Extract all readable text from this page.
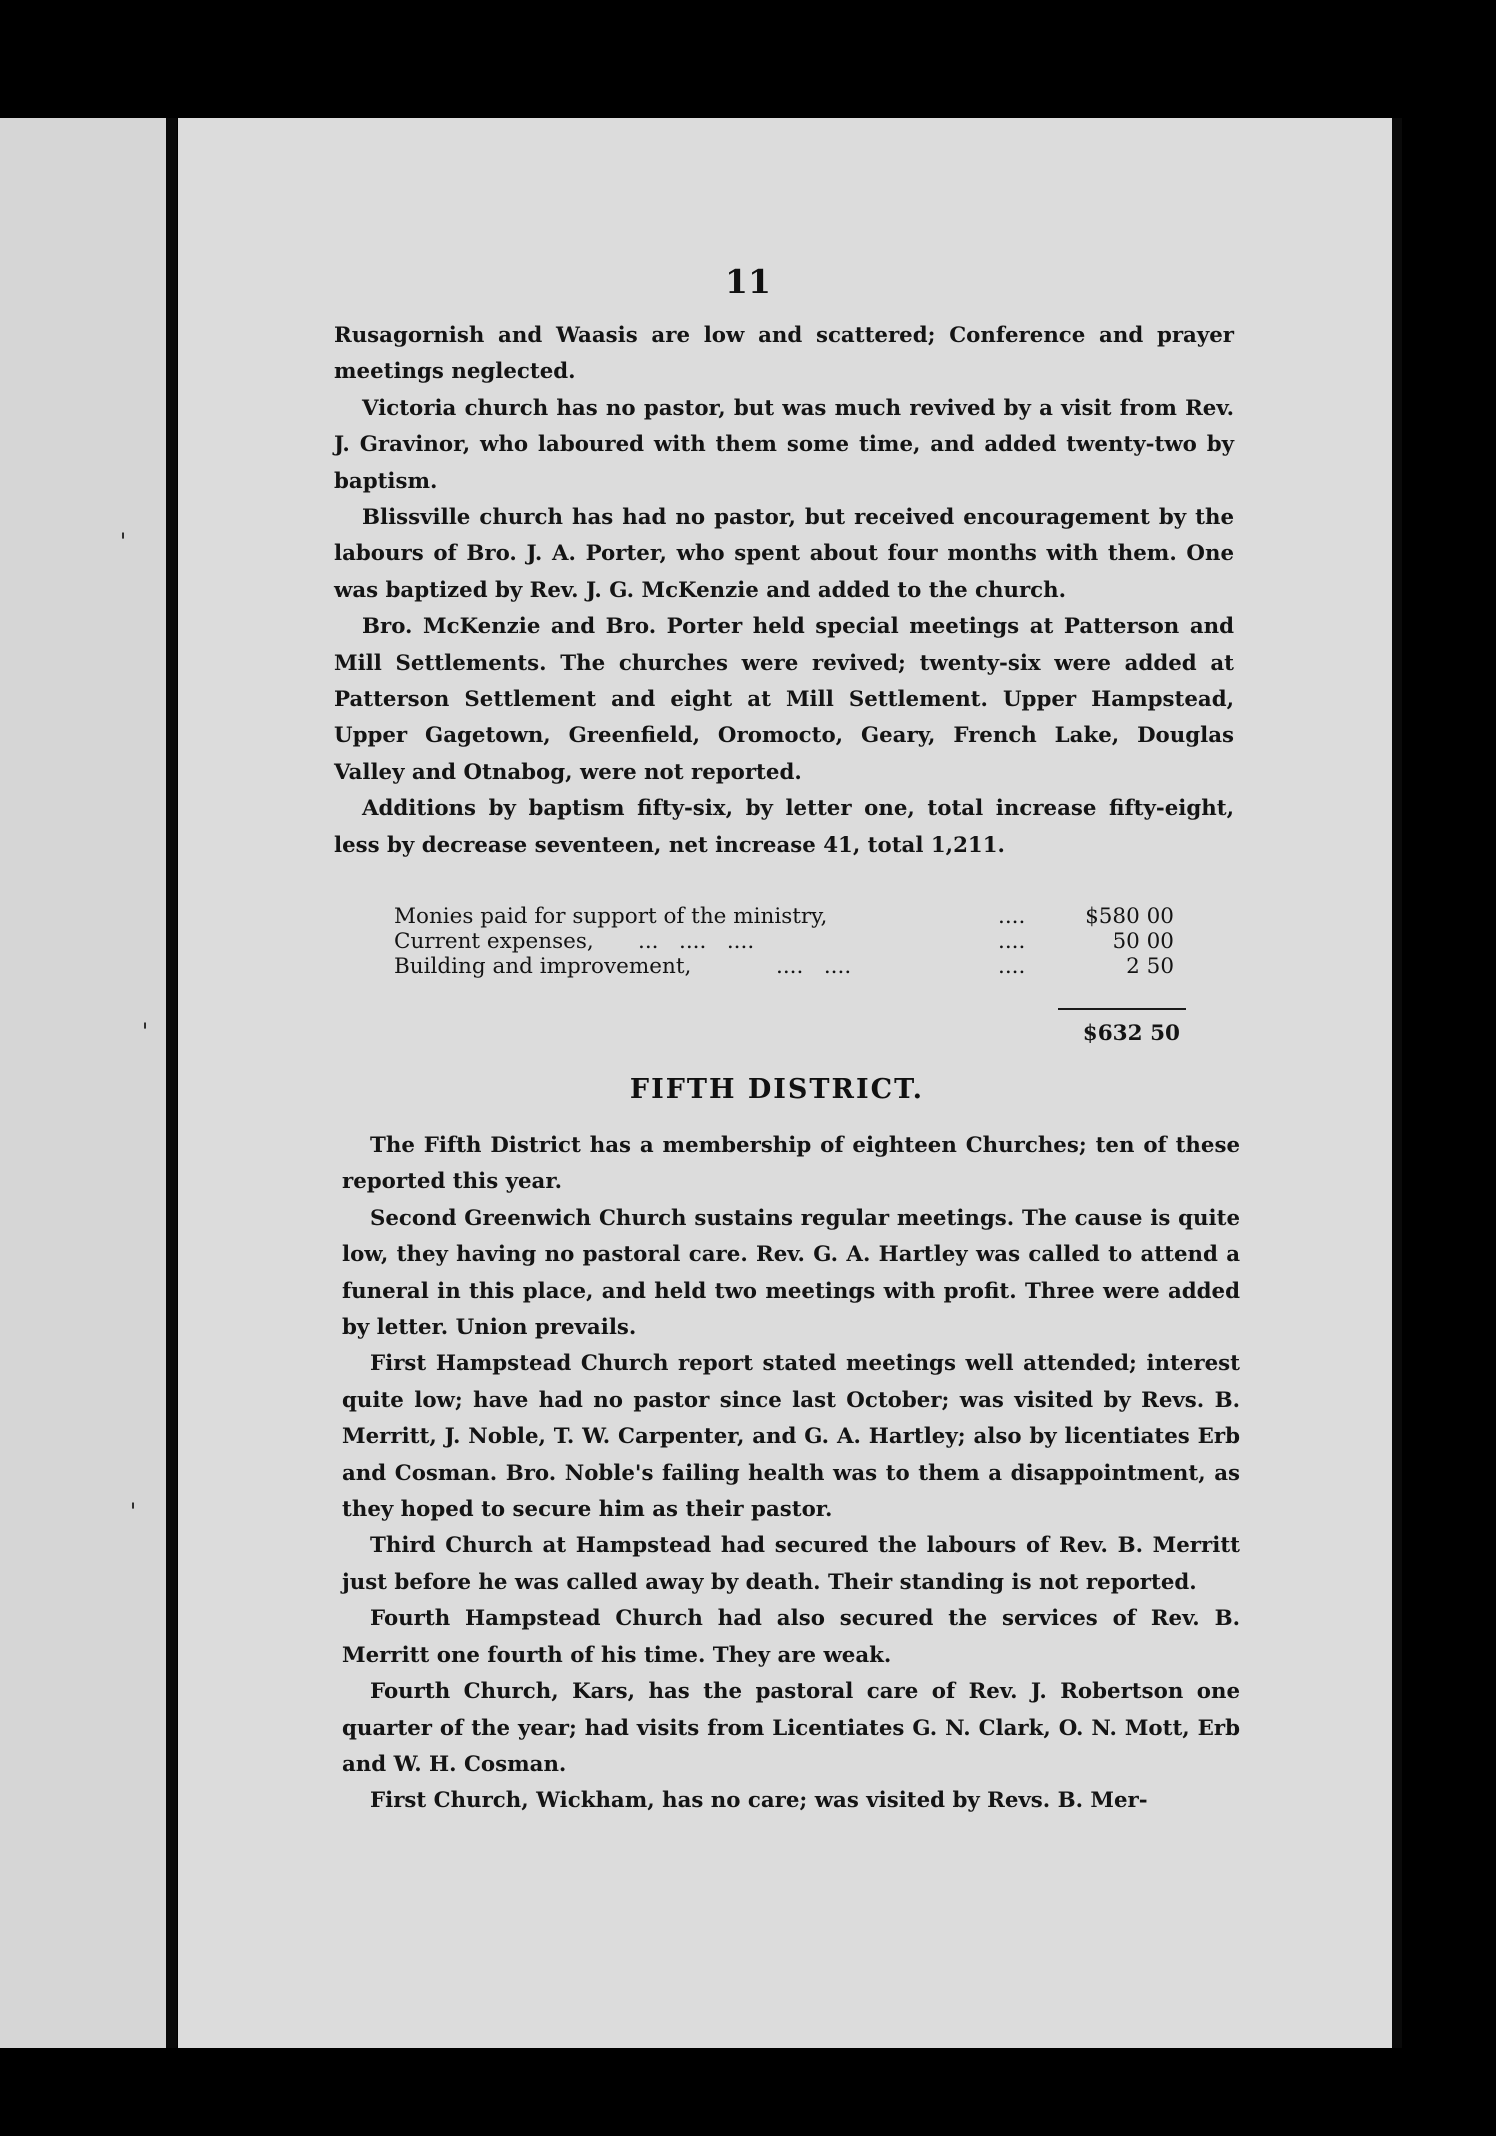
'
'
'
11

Rusagornish and Waasis are low and scattered; Conference and prayer meetings neglected.

Victoria church has no pastor, but was much revived by a visit from Rev. J. Gravinor, who laboured with them some time, and added twenty-two by baptism.

Blissville church has had no pastor, but received encouragement by the labours of Bro. J. A. Porter, who spent about four months with them. One was baptized by Rev. J. G. McKenzie and added to the church.

Bro. McKenzie and Bro. Porter held special meetings at Patterson and Mill Settlements. The churches were revived; twenty-six were added at Patterson Settlement and eight at Mill Settlement. Upper Hampstead, Upper Gagetown, Greenfield, Oromocto, Geary, French Lake, Douglas Valley and Otnabog, were not reported.

Additions by baptism fifty-six, by letter one, total increase fifty-eight, less by decrease seventeen, net increase 41, total 1,211.

Monies paid for support of the ministry,	....	$580 00
Current expenses, ...   ....   ....	....	50 00
Building and improvement,	....   ....	....	2 50
$632 50
FIFTH DISTRICT.

The Fifth District has a membership of eighteen Churches; ten of these reported this year.

Second Greenwich Church sustains regular meetings. The cause is quite low, they having no pastoral care. Rev. G. A. Hartley was called to attend a funeral in this place, and held two meetings with profit. Three were added by letter. Union prevails.

First Hampstead Church report stated meetings well attended; interest quite low; have had no pastor since last October; was visited by Revs. B. Merritt, J. Noble, T. W. Carpenter, and G. A. Hartley; also by licentiates Erb and Cosman. Bro. Noble's failing health was to them a disappointment, as they hoped to secure him as their pastor.

Third Church at Hampstead had secured the labours of Rev. B. Merritt just before he was called away by death. Their standing is not reported.

Fourth Hampstead Church had also secured the services of Rev. B. Merritt one fourth of his time. They are weak.

Fourth Church, Kars, has the pastoral care of Rev. J. Robertson one quarter of the year; had visits from Licentiates G. N. Clark, O. N. Mott, Erb and W. H. Cosman.

First Church, Wickham, has no care; was visited by Revs. B. Mer-
